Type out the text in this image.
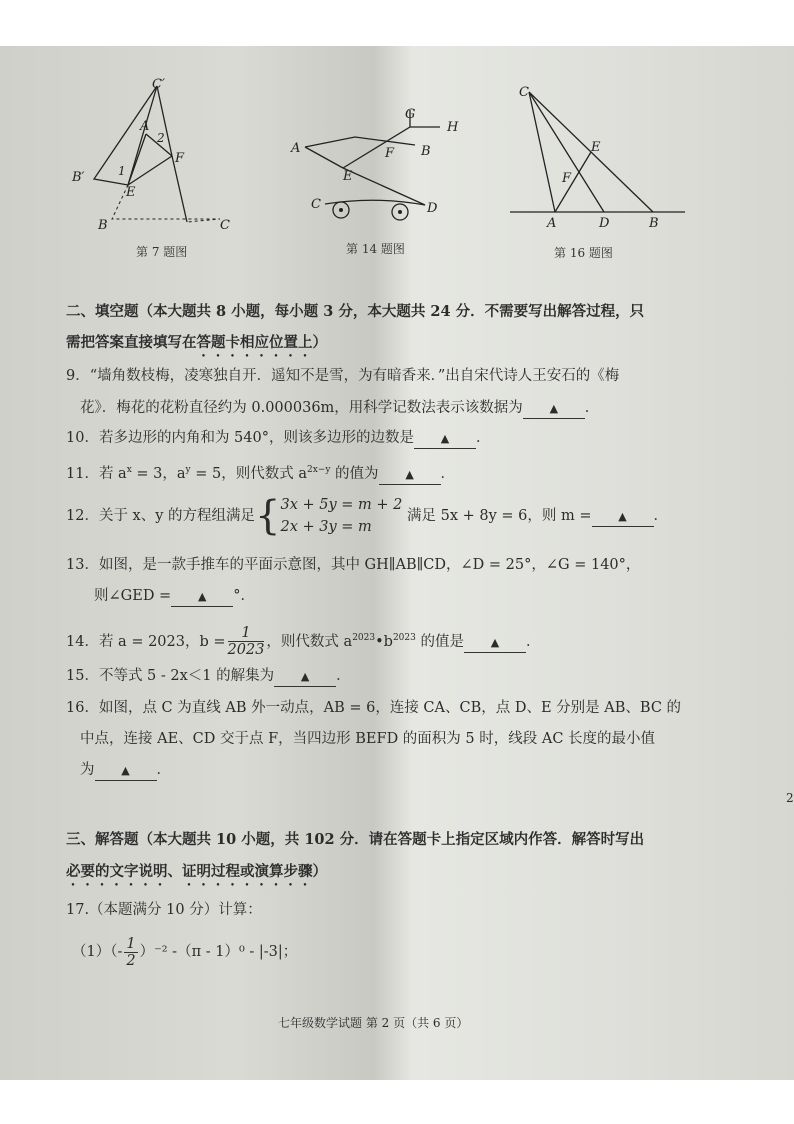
C′
A
2
B′	1
E
F
B	C
第 7 题图
G
H
A	F B
E
C	D
第 14 题图
C
E
F
A	D	B
第 16 题图
二、填空题（本大题共 8 小题，每小题 3 分，本大题共 24 分．不需要写出解答过程，只
需把答案直接填写在答题卡相应位置上）
9．“墙角数枝梅，凌寒独自开．遥知不是雪，为有暗香来．”出自宋代诗人王安石的《梅
花》．梅花的花粉直径约为 0.000036m，用科学记数法表示该数据为 ▲ ．
10．若多边形的内角和为 540°，则该多边形的边数是 ▲ ．
11．若 $a^x = 3$，$a^y = 5$，则代数式 $a^{2x-y}$ 的值为 ▲ ．
12．关于 x、y 的方程组满足{ 3x + 5y = m + 2
2x + 3y = m
满足 5x + 8y = 6，则 m = ▲ ．
13．如图，是一款手推车的平面示意图，其中 GH∥AB∥CD，∠D = 25°，∠G = 140°，
则∠GED = ▲ °．
14．若 a = 2023，$b = \frac{1}{2023}$ ，则代数式 $a^{2023}•b^{2023}$ 的值是 ▲ ．
15．不等式 5 - 2x＜1 的解集为 ▲ ．
16．如图，点 C 为直线 AB 外一动点，AB = 6，连接 CA、CB，点 D、E 分别是 AB、BC 的
中点，连接 AE、CD 交于点 F，当四边形 BEFD 的面积为 5 时，线段 AC 长度的最小值
为 ▲ ．
三、解答题（本大题共 10 小题，共 102 分．请在答题卡上指定区域内作答．解答时写出
必要的文字说明、证明过程或演算步骤）
17.（本题满分 10 分）计算：
$(1)(- \frac{1}{2} )^{-2}$ -（π - 1）⁰ - |-3|；
七年级数学试题 第 2 页（共 6 页）
2
